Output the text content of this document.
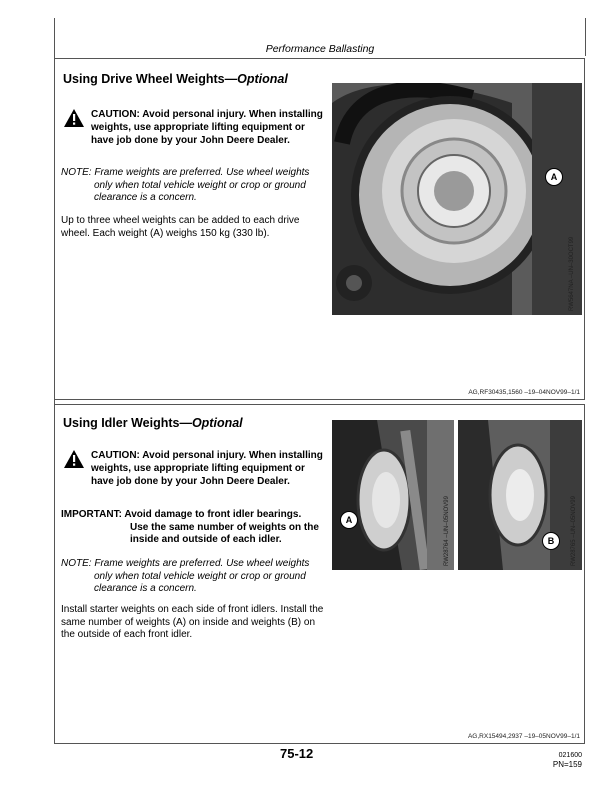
Performance Ballasting
Using Drive Wheel Weights—Optional
CAUTION: Avoid personal injury. When installing weights, use appropriate lifting equipment or have job done by your John Deere Dealer.
NOTE: Frame weights are preferred. Use wheel weights
only when total vehicle weight or crop or ground clearance is a concern.
Up to three wheel weights can be added to each drive wheel. Each weight (A) weighs 150 kg (330 lb).
A
RW5647NA –UN–30OCT99
AG,RF30435,1560 –19–04NOV99–1/1
Using Idler Weights—Optional
CAUTION: Avoid personal injury. When installing weights, use appropriate lifting equipment or have job done by your John Deere Dealer.
IMPORTANT: Avoid damage to front idler bearings.
Use the same number of weights on the inside and outside of each idler.
NOTE: Frame weights are preferred. Use wheel weights
only when total vehicle weight or crop or ground clearance is a concern.
Install starter weights on each side of front idlers. Install the same number of weights (A) on inside and weights (B) on the outside of each front idler.
A	RW28764 –UN–05NOV99	B	RW28765 –UN–05NOV99
AG,RX15494,2937 –19–05NOV99–1/1
75-12	021600
PN=159
